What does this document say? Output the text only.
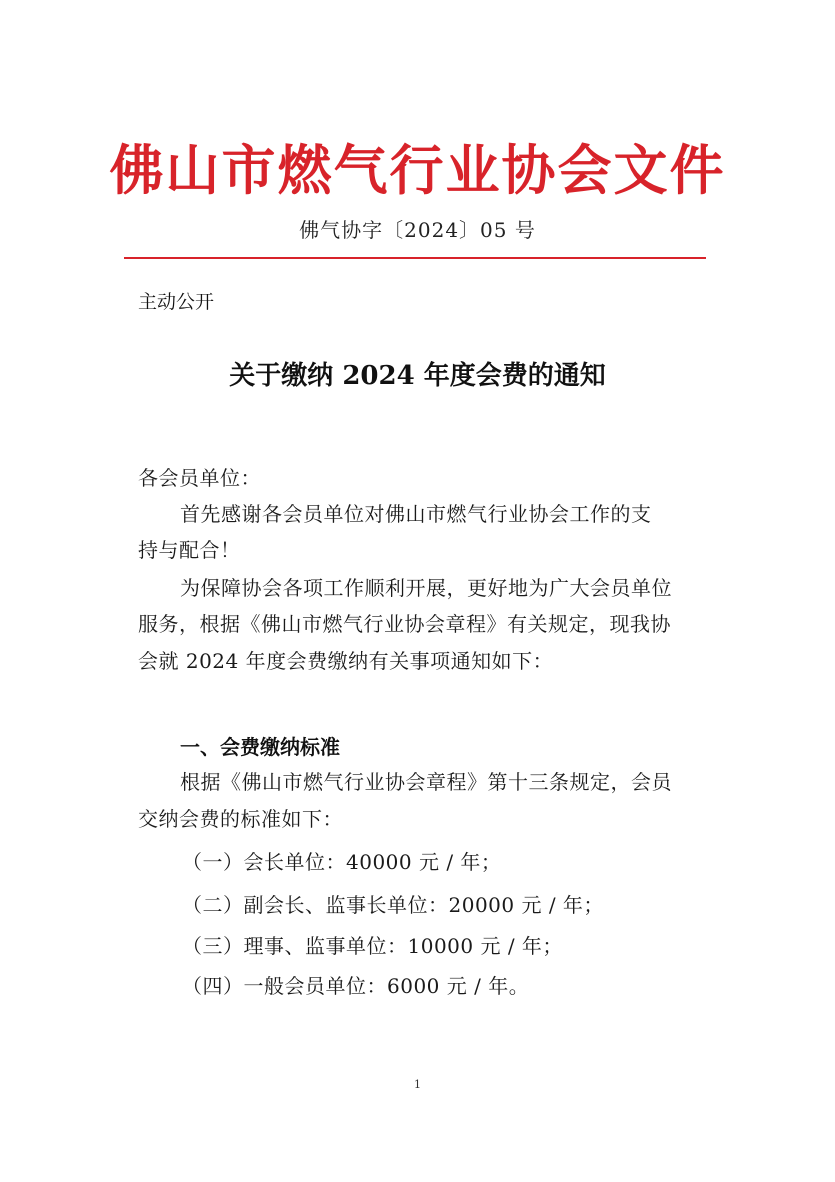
佛山市燃气行业协会文件
佛气协字〔2024〕05 号
主动公开
关于缴纳 2024 年度会费的通知
各会员单位：
首先感谢各会员单位对佛山市燃气行业协会工作的支
持与配合！
为保障协会各项工作顺利开展，更好地为广大会员单位
服务，根据《佛山市燃气行业协会章程》有关规定，现我协
会就 2024 年度会费缴纳有关事项通知如下：
一、会费缴纳标准
根据《佛山市燃气行业协会章程》第十三条规定，会员
交纳会费的标准如下：
（一）会长单位：40000 元 / 年；
（二）副会长、监事长单位：20000 元 / 年；
（三）理事、监事单位：10000 元 / 年；
（四）一般会员单位：6000 元 / 年。
1
